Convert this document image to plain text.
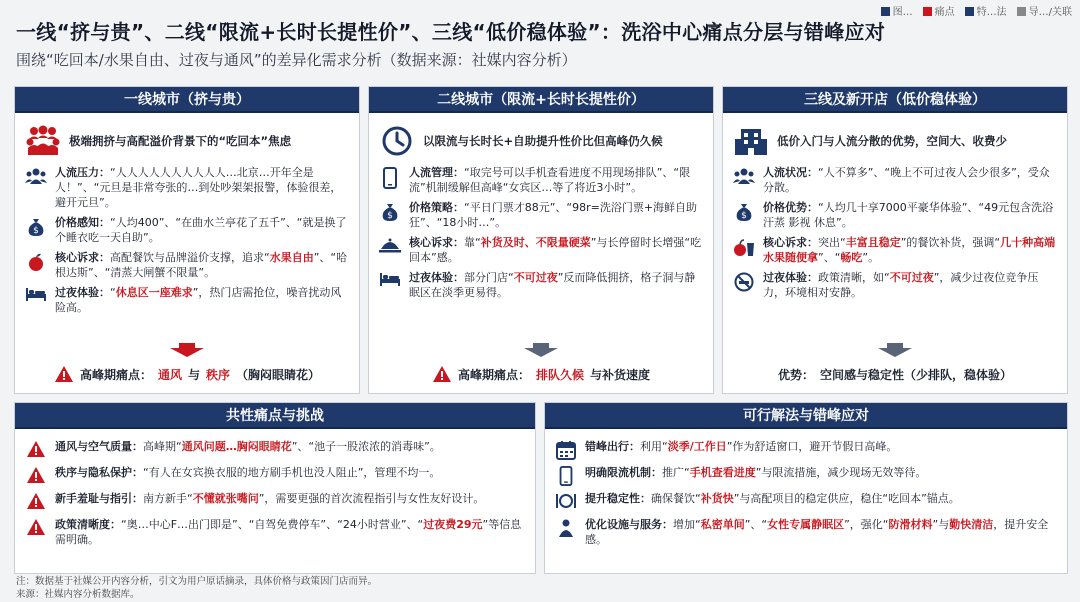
图…	痛点	特…法	导…/关联
一线“挤与贵”、二线“限流+长时长提性价”、三线“低价稳体验”：洗浴中心痛点分层与错峰应对
围绕“吃回本/水果自由、过夜与通风”的差异化需求分析（数据来源：社媒内容分析）
一线城市（挤与贵）
极端拥挤与高配溢价背景下的“吃回本”焦虑
人流压力：“人人人人人人人人人人…北京…开年全是人！”、“元旦是非常夸张的…到处吵架架报警，体验很差，避开元旦”。
$
价格感知：“人均400”、“在曲水兰亭花了五千”、“就是换了个睡衣吃一天自助”。
核心诉求：高配餐饮与品牌溢价支撑，追求“水果自由”、“哈根达斯”、“清蒸大闸蟹不限量”。
过夜体验：“休息区一座难求”，热门店需抢位，噪音扰动风险高。
高峰期痛点： 通风 与 秩序 （胸闷眼睛花）
二线城市（限流+长时长提性价）
以限流与长时长+自助提升性价比但高峰仍久候
人流管理：“取完号可以手机查看进度不用现场排队”、“限流”机制缓解但高峰“女宾区…等了将近3小时”。
$
价格策略：“平日门票才88元”、“98r=洗浴门票+海鲜自助狂”、“18小时…”。
核心诉求：靠“补货及时、不限量硬菜”与长停留时长增强“吃回本”感。
过夜体验：部分门店“不可过夜”反而降低拥挤，格子洞与静眠区在淡季更易得。
高峰期痛点： 排队久候 与补货速度
三线及新开店（低价稳体验）
低价入门与人流分散的优势，空间大、收费少
人流状况：“人不算多”、“晚上不可过夜人会少很多”，受众分散。
$
价格优势：“人均几十享7000平豪华体验”、“49元包含洗浴 汗蒸 影视 休息”。
核心诉求：突出“丰富且稳定”的餐饮补货，强调“几十种高端水果随便拿”、“畅吃”。
过夜体验：政策清晰，如“不可过夜”，减少过夜位竞争压力，环境相对安静。
优势： 空间感与稳定性（少排队，稳体验）
共性痛点与挑战
通风与空气质量：高峰期“通风问题…胸闷眼睛花”、“池子一股浓浓的消毒味”。
秩序与隐私保护：“有人在女宾换衣服的地方刷手机也没人阻止”，管理不均一。
新手羞耻与指引：南方新手“不懂就张嘴问”，需要更强的首次流程指引与女性友好设计。
政策清晰度：“奥…中心F…出门即是”、“自驾免费停车”、“24小时营业”、“过夜费29元”等信息需明确。
可行解法与错峰应对
错峰出行：利用“淡季/工作日”作为舒适窗口，避开节假日高峰。
明确限流机制：推广“手机查看进度”与限流措施，减少现场无效等待。
提升稳定性：确保餐饮“补货快”与高配项目的稳定供应，稳住“吃回本”锚点。
优化设施与服务：增加“私密单间”、“女性专属静眠区”，强化“防滑材料”与勤快清洁，提升安全感。
注：数据基于社媒公开内容分析，引文为用户原话摘录，具体价格与政策因门店而异。
来源：社媒内容分析数据库。
